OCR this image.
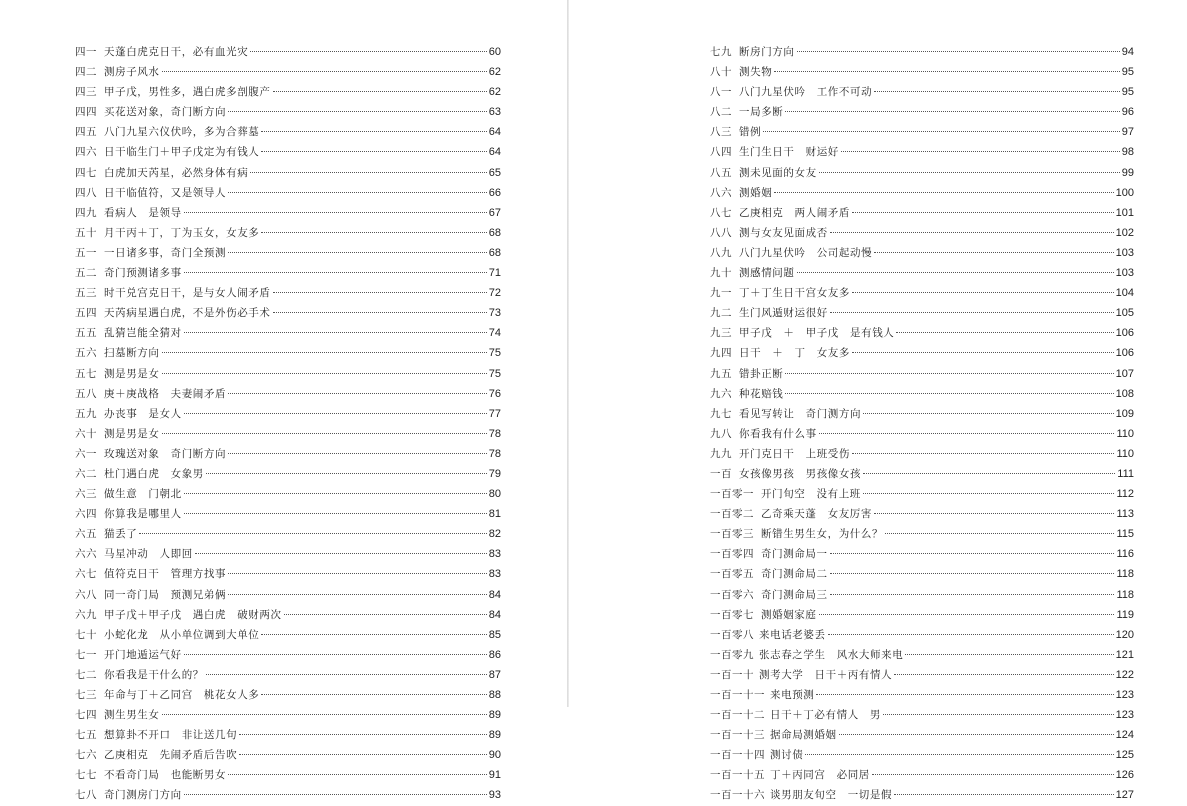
四一 天蓬白虎克日干，必有血光灾	60
四二 测房子风水	62
四三 甲子戊，男性多，遇白虎多剖腹产	62
四四 买花送对象，奇门断方向	63
四五 八门九星六仪伏吟，多为合葬墓	64
四六 日干临生门＋甲子戊定为有钱人	64
四七 白虎加天芮星，必然身体有病	65
四八 日干临值符，又是领导人	66
四九 看病人　是领导	67
五十 月干丙＋丁，丁为玉女，女友多	68
五一 一日诸多事，奇门全预测	68
五二 奇门预测诸多事	71
五三 时干兑宫克日干，是与女人闹矛盾	72
五四 天芮病星遇白虎，不是外伤必手术	73
五五 乱猜岂能全猜对	74
五六 扫墓断方向	75
五七 测是男是女	75
五八 庚＋庚战格　夫妻闹矛盾	76
五九 办丧事　是女人	77
六十 测是男是女	78
六一 玫瑰送对象　奇门断方向	78
六二 杜门遇白虎　女象男	79
六三 做生意　门朝北	80
六四 你算我是哪里人	81
六五 猫丢了	82
六六 马星冲动　人即回	83
六七 值符克日干　管理方找事	83
六八 同一奇门局　预测兄弟俩	84
六九 甲子戊＋甲子戊　遇白虎　破财两次	84
七十 小蛇化龙　从小单位调到大单位	85
七一 开门地遁运气好	86
七二 你看我是干什么的？	87
七三 年命与丁＋乙同宫　桃花女人多	88
七四 测生男生女	89
七五 想算卦不开口　非让送几句	89
七六 乙庚相克　先闹矛盾后告吹	90
七七 不看奇门局　也能断男女	91
七八 奇门测房门方向	93
七九 断房门方向	94
八十 测失物	95
八一 八门九星伏吟　工作不可动	95
八二 一局多断	96
八三 错例	97
八四 生门生日干　财运好	98
八五 测未见面的女友	99
八六 测婚姻	100
八七 乙庚相克　两人闹矛盾	101
八八 测与女友见面成否	102
八九 八门九星伏吟　公司起动慢	103
九十 测感情问题	103
九一 丁＋丁生日干宫女友多	104
九二 生门风遁财运很好	105
九三 甲子戊　＋　甲子戊　是有钱人	106
九四 日干　＋　丁　女友多	106
九五 错卦正断	107
九六 种花赔钱	108
九七 看见写转让　奇门测方向	109
九八 你看我有什么事	110
九九 开门克日干　上班受伤	110
一百 女孩像男孩　男孩像女孩	111
一百零一 开门旬空　没有上班	112
一百零二 乙奇乘天蓬　女友厉害	113
一百零三 断错生男生女，为什么？	115
一百零四 奇门测命局一	116
一百零五 奇门测命局二	118
一百零六 奇门测命局三	118
一百零七 测婚姻家庭	119
一百零八 来电话老婆丢	120
一百零九 张志春之学生　风水大师来电	121
一百一十 测考大学　日干＋丙有情人	122
一百一十一 来电预测	123
一百一十二 日干＋丁必有情人　男	123
一百一十三 据命局测婚姻	124
一百一十四 测讨债	125
一百一十五 丁＋丙同宫　必同居	126
一百一十六 谈男朋友旬空　一切是假	127
